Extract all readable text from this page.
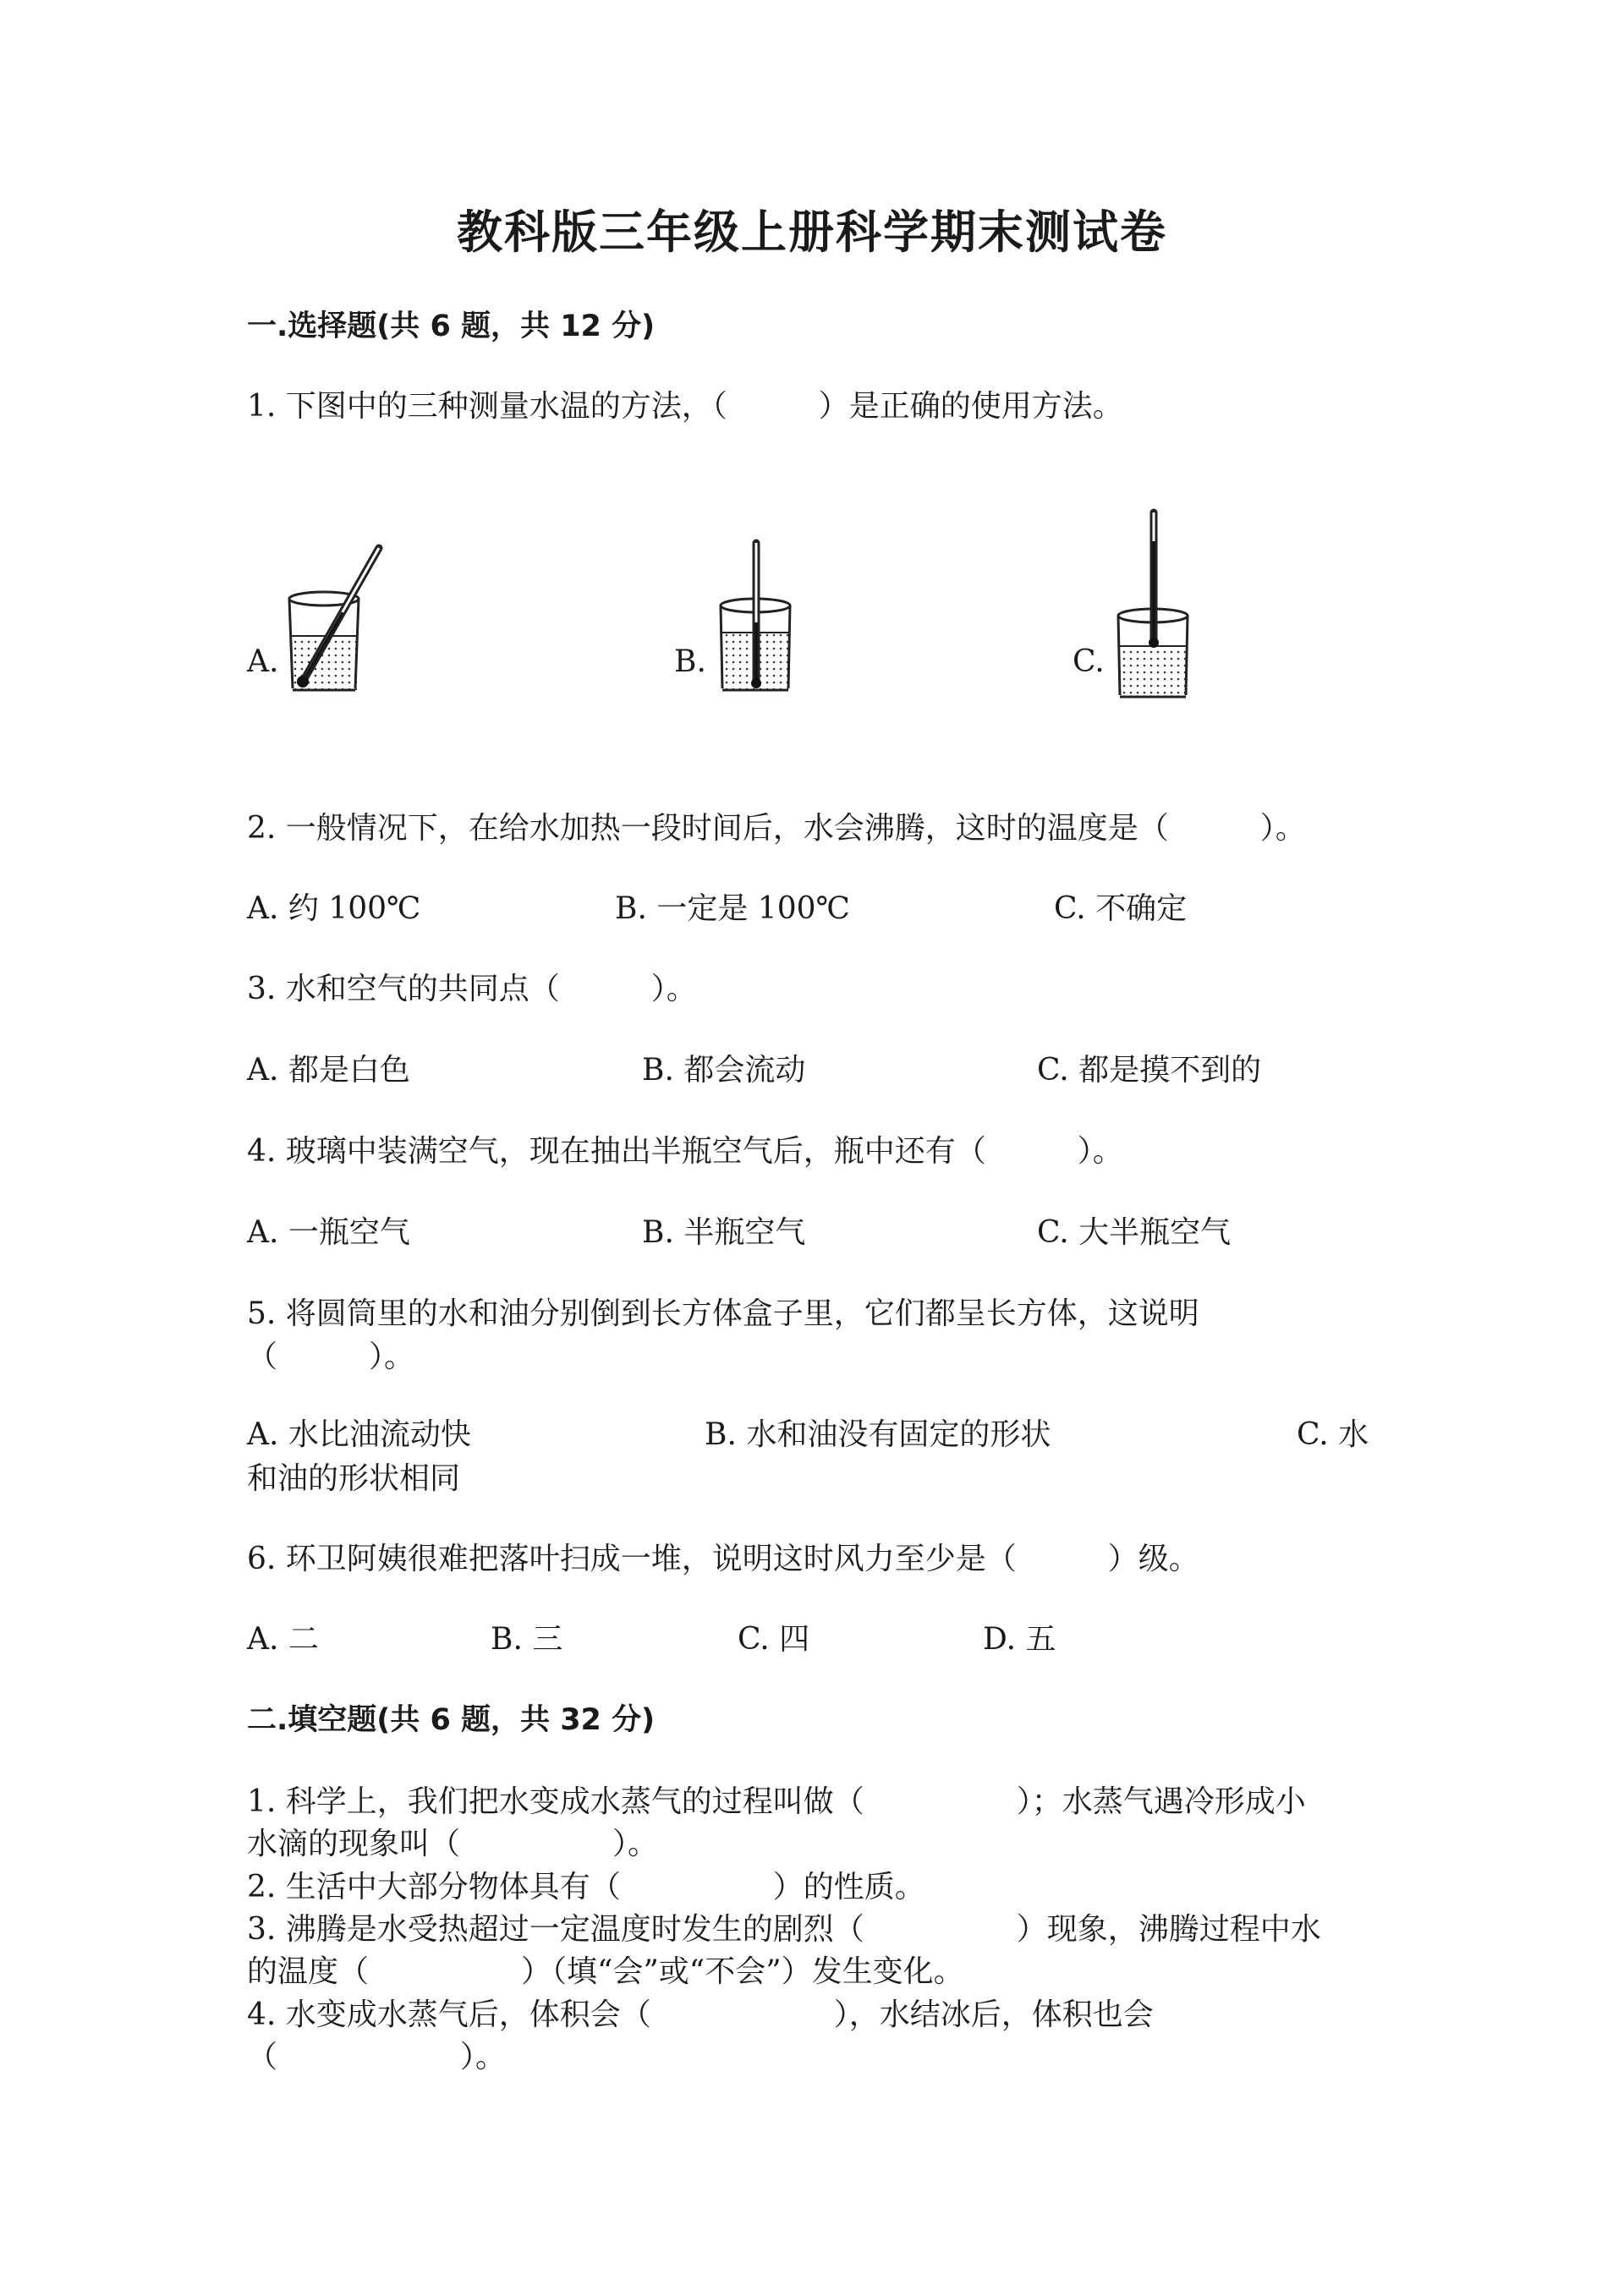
教科版三年级上册科学期末测试卷
一.选择题(共 6 题，共 12 分)
1. 下图中的三种测量水温的方法，（　　　）是正确的使用方法。
A.	B.	C.
2. 一般情况下，在给水加热一段时间后，水会沸腾，这时的温度是（　　　）。
A. 约 100℃	B. 一定是 100℃	C. 不确定
3. 水和空气的共同点（　　　）。
A. 都是白色	B. 都会流动	C. 都是摸不到的
4. 玻璃中装满空气，现在抽出半瓶空气后，瓶中还有（　　　）。
A. 一瓶空气	B. 半瓶空气	C. 大半瓶空气
5. 将圆筒里的水和油分别倒到长方体盒子里，它们都呈长方体，这说明
（　　　）。
A. 水比油流动快	B. 水和油没有固定的形状	C. 水
和油的形状相同
6. 环卫阿姨很难把落叶扫成一堆，说明这时风力至少是（　　　）级。
A. 二	B. 三	C. 四	D. 五
二.填空题(共 6 题，共 32 分)
1. 科学上，我们把水变成水蒸气的过程叫做（　　　　　）；水蒸气遇冷形成小
水滴的现象叫（　　　　　）。
2. 生活中大部分物体具有（　　　　　）的性质。
3. 沸腾是水受热超过一定温度时发生的剧烈（　　　　　）现象，沸腾过程中水
的温度（　　　　　）（填“会”或“不会”）发生变化。
4. 水变成水蒸气后，体积会（　　　　　　），水结冰后，体积也会
（　　　　　　）。
